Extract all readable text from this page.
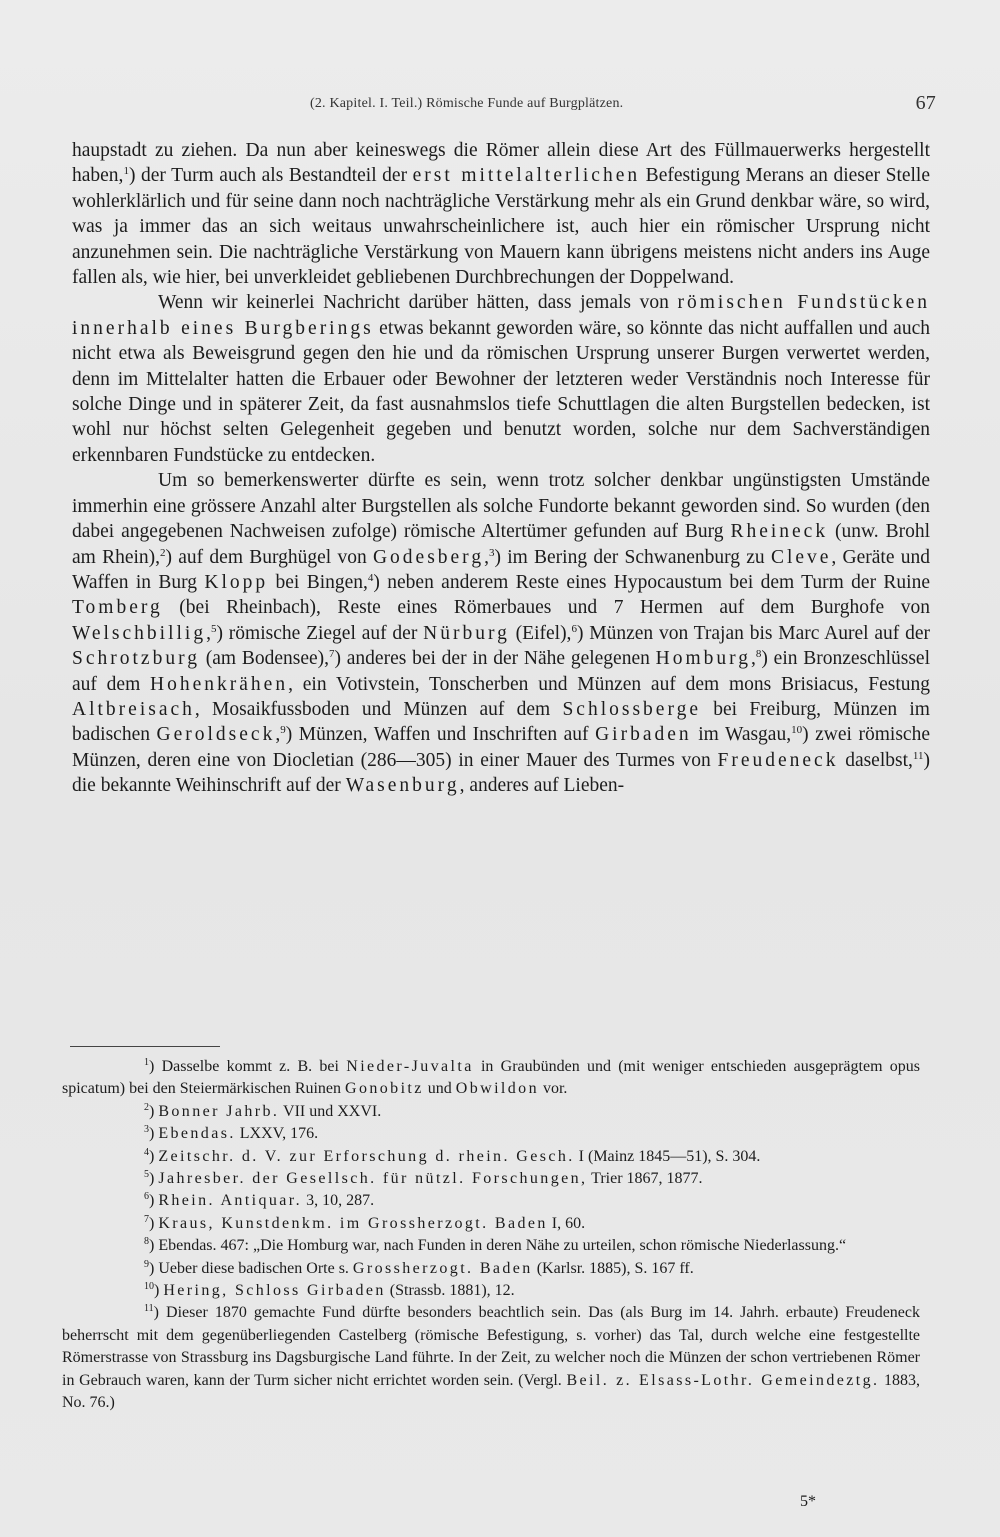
(2. Kapitel. I. Teil.) Römische Funde auf Burgplätzen.	67

haupstadt zu ziehen. Da nun aber keineswegs die Römer allein diese Art des Füllmauerwerks hergestellt haben,$^1$) der Turm auch als Bestandteil der erst mittelalterlichen Befestigung Merans an dieser Stelle wohlerklärlich und für seine dann noch nachträgliche Verstärkung mehr als ein Grund denkbar wäre, so wird, was ja immer das an sich weitaus unwahrscheinlichere ist, auch hier ein römischer Ursprung nicht anzunehmen sein. Die nachträgliche Verstärkung von Mauern kann übrigens meistens nicht anders ins Auge fallen als, wie hier, bei unverkleidet gebliebenen Durchbrechungen der Doppelwand.

Wenn wir keinerlei Nachricht darüber hätten, dass jemals von römischen Fundstücken innerhalb eines Burgberings etwas bekannt geworden wäre, so könnte das nicht auffallen und auch nicht etwa als Beweisgrund gegen den hie und da römischen Ursprung unserer Burgen verwertet werden, denn im Mittelalter hatten die Erbauer oder Bewohner der letzteren weder Verständnis noch Interesse für solche Dinge und in späterer Zeit, da fast ausnahmslos tiefe Schuttlagen die alten Burgstellen bedecken, ist wohl nur höchst selten Gelegenheit gegeben und benutzt worden, solche nur dem Sachverständigen erkennbaren Fundstücke zu entdecken.

Um so bemerkenswerter dürfte es sein, wenn trotz solcher denkbar ungünstigsten Umstände immerhin eine grössere Anzahl alter Burgstellen als solche Fundorte bekannt geworden sind. So wurden (den dabei angegebenen Nachweisen zufolge) römische Altertümer gefunden auf Burg Rheineck (unw. Brohl am Rhein),$^2$) auf dem Burghügel von Godesberg,$^3$) im Bering der Schwanenburg zu Cleve, Geräte und Waffen in Burg Klopp bei Bingen,$^4$) neben anderem Reste eines Hypocaustum bei dem Turm der Ruine Tomberg (bei Rheinbach), Reste eines Römerbaues und 7 Hermen auf dem Burghofe von Welschbillig,$^5$) römische Ziegel auf der Nürburg (Eifel),$^6$) Münzen von Trajan bis Marc Aurel auf der Schrotzburg (am Bodensee),$^7$) anderes bei der in der Nähe gelegenen Homburg,$^8$) ein Bronzeschlüssel auf dem Hohenkrähen, ein Votivstein, Tonscherben und Münzen auf dem mons Brisiacus, Festung Altbreisach, Mosaikfussboden und Münzen auf dem Schlossberge bei Freiburg, Münzen im badischen Geroldseck,$^9$) Münzen, Waffen und Inschriften auf Girbaden im Wasgau,$^{10}$) zwei römische Münzen, deren eine von Diocletian (286—305) in einer Mauer des Turmes von Freudeneck daselbst,$^{11}$) die bekannte Weihinschrift auf der Wasenburg, anderes auf Lieben-

$^1$) Dasselbe kommt z. B. bei Nieder-Juvalta in Graubünden und (mit weniger entschieden ausgeprägtem opus spicatum) bei den Steiermärkischen Ruinen Gonobitz und Obwildon vor.

$^2$) Bonner Jahrb. VII und XXVI.

$^3$) Ebendas. LXXV, 176.

$^4$) Zeitschr. d. V. zur Erforschung d. rhein. Gesch. I (Mainz 1845—51), S. 304.

$^5$) Jahresber. der Gesellsch. für nützl. Forschungen, Trier 1867, 1877.

$^6$) Rhein. Antiquar. 3, 10, 287.

$^7$) Kraus, Kunstdenkm. im Grossherzogt. Baden I, 60.

$^8$) Ebendas. 467: „Die Homburg war, nach Funden in deren Nähe zu urteilen, schon römische Niederlassung.“

$^9$) Ueber diese badischen Orte s. Grossherzogt. Baden (Karlsr. 1885), S. 167 ff.

$^{10}$) Hering, Schloss Girbaden (Strassb. 1881), 12.

$^{11}$) Dieser 1870 gemachte Fund dürfte besonders beachtlich sein. Das (als Burg im 14. Jahrh. erbaute) Freudeneck beherrscht mit dem gegenüberliegenden Castelberg (römische Befestigung, s. vorher) das Tal, durch welche eine festgestellte Römerstrasse von Strassburg ins Dagsburgische Land führte. In der Zeit, zu welcher noch die Münzen der schon vertriebenen Römer in Gebrauch waren, kann der Turm sicher nicht errichtet worden sein. (Vergl. Beil. z. Elsass-Lothr. Gemeindeztg. 1883, No. 76.)

5*
